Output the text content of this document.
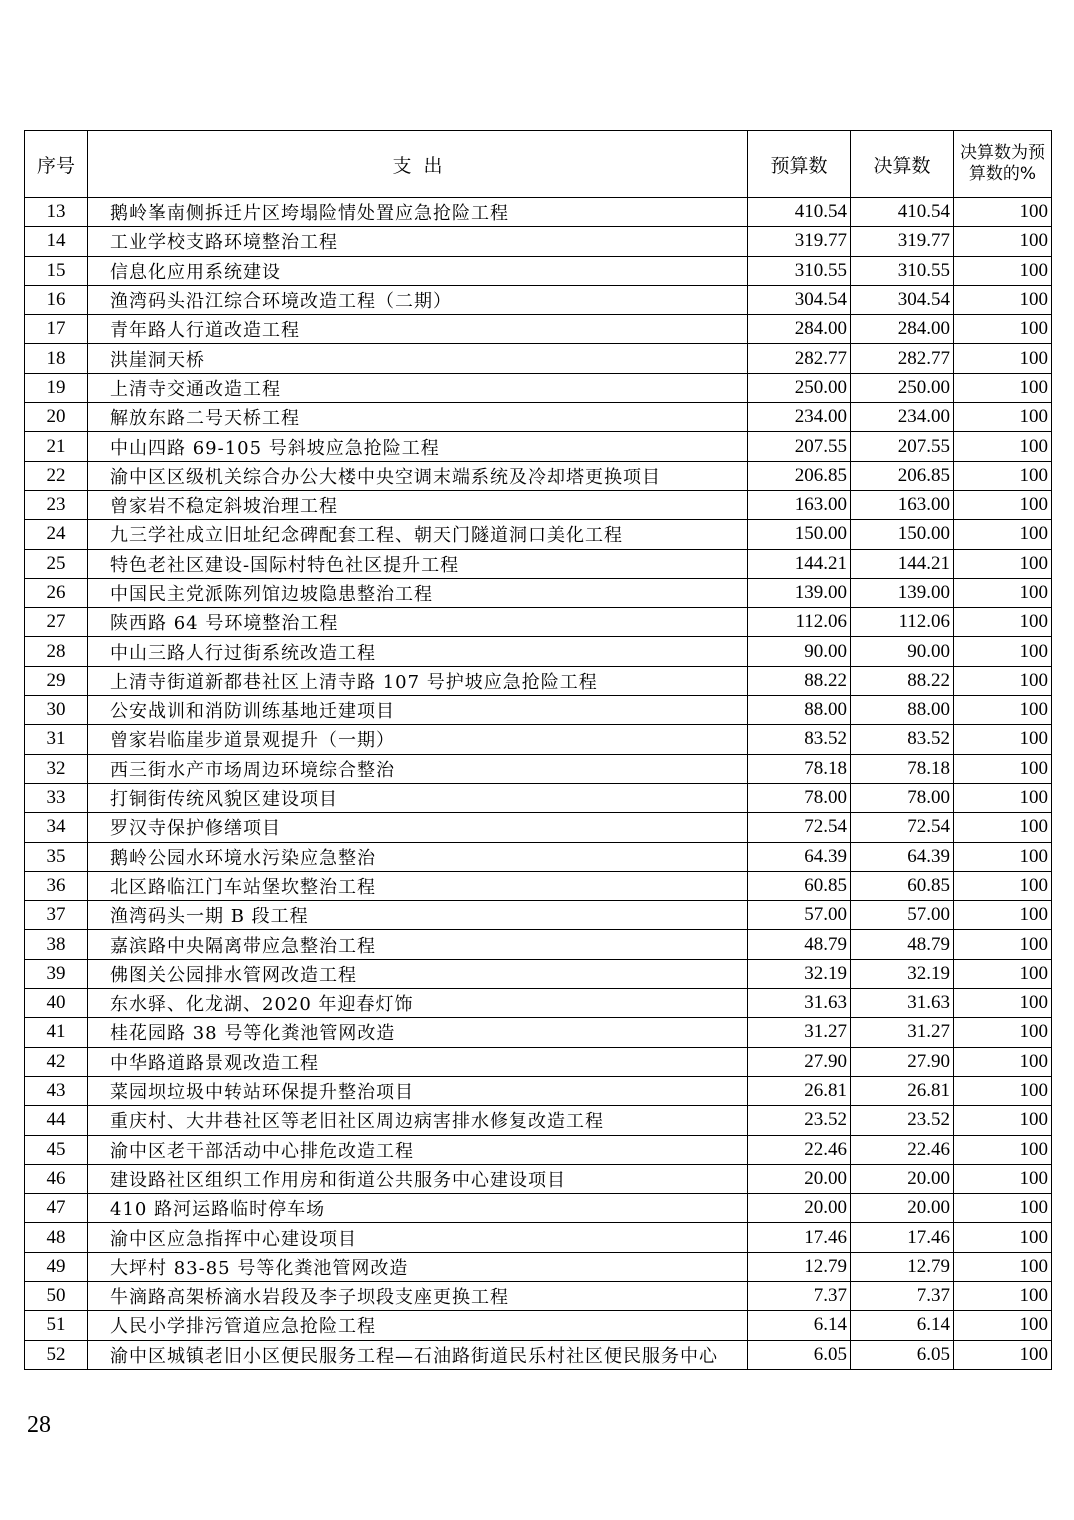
序号	支  出	预算数	决算数	决算数为预算数的%
13	鹅岭峯南侧拆迁片区垮塌险情处置应急抢险工程	410.54	410.54	100
14	工业学校支路环境整治工程	319.77	319.77	100
15	信息化应用系统建设	310.55	310.55	100
16	渔湾码头沿江综合环境改造工程（二期）	304.54	304.54	100
17	青年路人行道改造工程	284.00	284.00	100
18	洪崖洞天桥	282.77	282.77	100
19	上清寺交通改造工程	250.00	250.00	100
20	解放东路二号天桥工程	234.00	234.00	100
21	中山四路 69-105 号斜坡应急抢险工程	207.55	207.55	100
22	渝中区区级机关综合办公大楼中央空调末端系统及冷却塔更换项目	206.85	206.85	100
23	曾家岩不稳定斜坡治理工程	163.00	163.00	100
24	九三学社成立旧址纪念碑配套工程、朝天门隧道洞口美化工程	150.00	150.00	100
25	特色老社区建设-国际村特色社区提升工程	144.21	144.21	100
26	中国民主党派陈列馆边坡隐患整治工程	139.00	139.00	100
27	陕西路 64 号环境整治工程	112.06	112.06	100
28	中山三路人行过街系统改造工程	90.00	90.00	100
29	上清寺街道新都巷社区上清寺路 107 号护坡应急抢险工程	88.22	88.22	100
30	公安战训和消防训练基地迁建项目	88.00	88.00	100
31	曾家岩临崖步道景观提升（一期）	83.52	83.52	100
32	西三街水产市场周边环境综合整治	78.18	78.18	100
33	打铜街传统风貌区建设项目	78.00	78.00	100
34	罗汉寺保护修缮项目	72.54	72.54	100
35	鹅岭公园水环境水污染应急整治	64.39	64.39	100
36	北区路临江门车站堡坎整治工程	60.85	60.85	100
37	渔湾码头一期 B 段工程	57.00	57.00	100
38	嘉滨路中央隔离带应急整治工程	48.79	48.79	100
39	佛图关公园排水管网改造工程	32.19	32.19	100
40	东水驿、化龙湖、2020 年迎春灯饰	31.63	31.63	100
41	桂花园路 38 号等化粪池管网改造	31.27	31.27	100
42	中华路道路景观改造工程	27.90	27.90	100
43	菜园坝垃圾中转站环保提升整治项目	26.81	26.81	100
44	重庆村、大井巷社区等老旧社区周边病害排水修复改造工程	23.52	23.52	100
45	渝中区老干部活动中心排危改造工程	22.46	22.46	100
46	建设路社区组织工作用房和街道公共服务中心建设项目	20.00	20.00	100
47	410 路河运路临时停车场	20.00	20.00	100
48	渝中区应急指挥中心建设项目	17.46	17.46	100
49	大坪村 83-85 号等化粪池管网改造	12.79	12.79	100
50	牛滴路高架桥滴水岩段及李子坝段支座更换工程	7.37	7.37	100
51	人民小学排污管道应急抢险工程	6.14	6.14	100
52	渝中区城镇老旧小区便民服务工程—石油路街道民乐村社区便民服务中心	6.05	6.05	100
28
